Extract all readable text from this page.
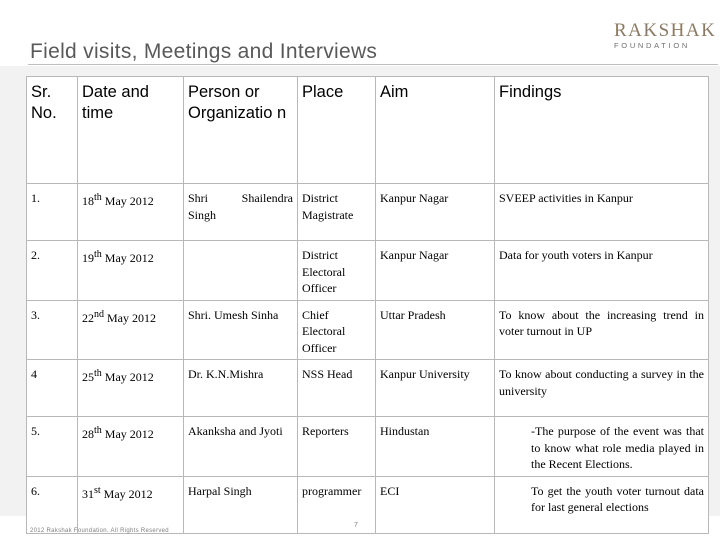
Field visits, Meetings and Interviews
RAKSHAK
FOUNDATION
Sr. No.	Date and time	Person or Organizatio n	Place	Aim	Findings
1.	18th May 2012	Shri Shailendra Singh	District Magistrate	Kanpur Nagar	SVEEP activities in Kanpur
2.	19th May 2012		District Electoral Officer	Kanpur Nagar	Data for youth voters in Kanpur
3.	22nd May 2012	Shri. Umesh Sinha	Chief Electoral Officer	Uttar Pradesh	To know about the increasing trend in voter turnout in UP
4	25th May 2012	Dr. K.N.Mishra	NSS Head	Kanpur University	To know about conducting a survey in the university
5.	28th May 2012	Akanksha and Jyoti	Reporters	Hindustan	-The purpose of the event was that to know what role media played in the Recent Elections.
6.	31st May 2012	Harpal Singh	programmer	ECI	To get the youth voter turnout data for last general elections
2012 Rakshak Foundation. All Rights Reserved
7
